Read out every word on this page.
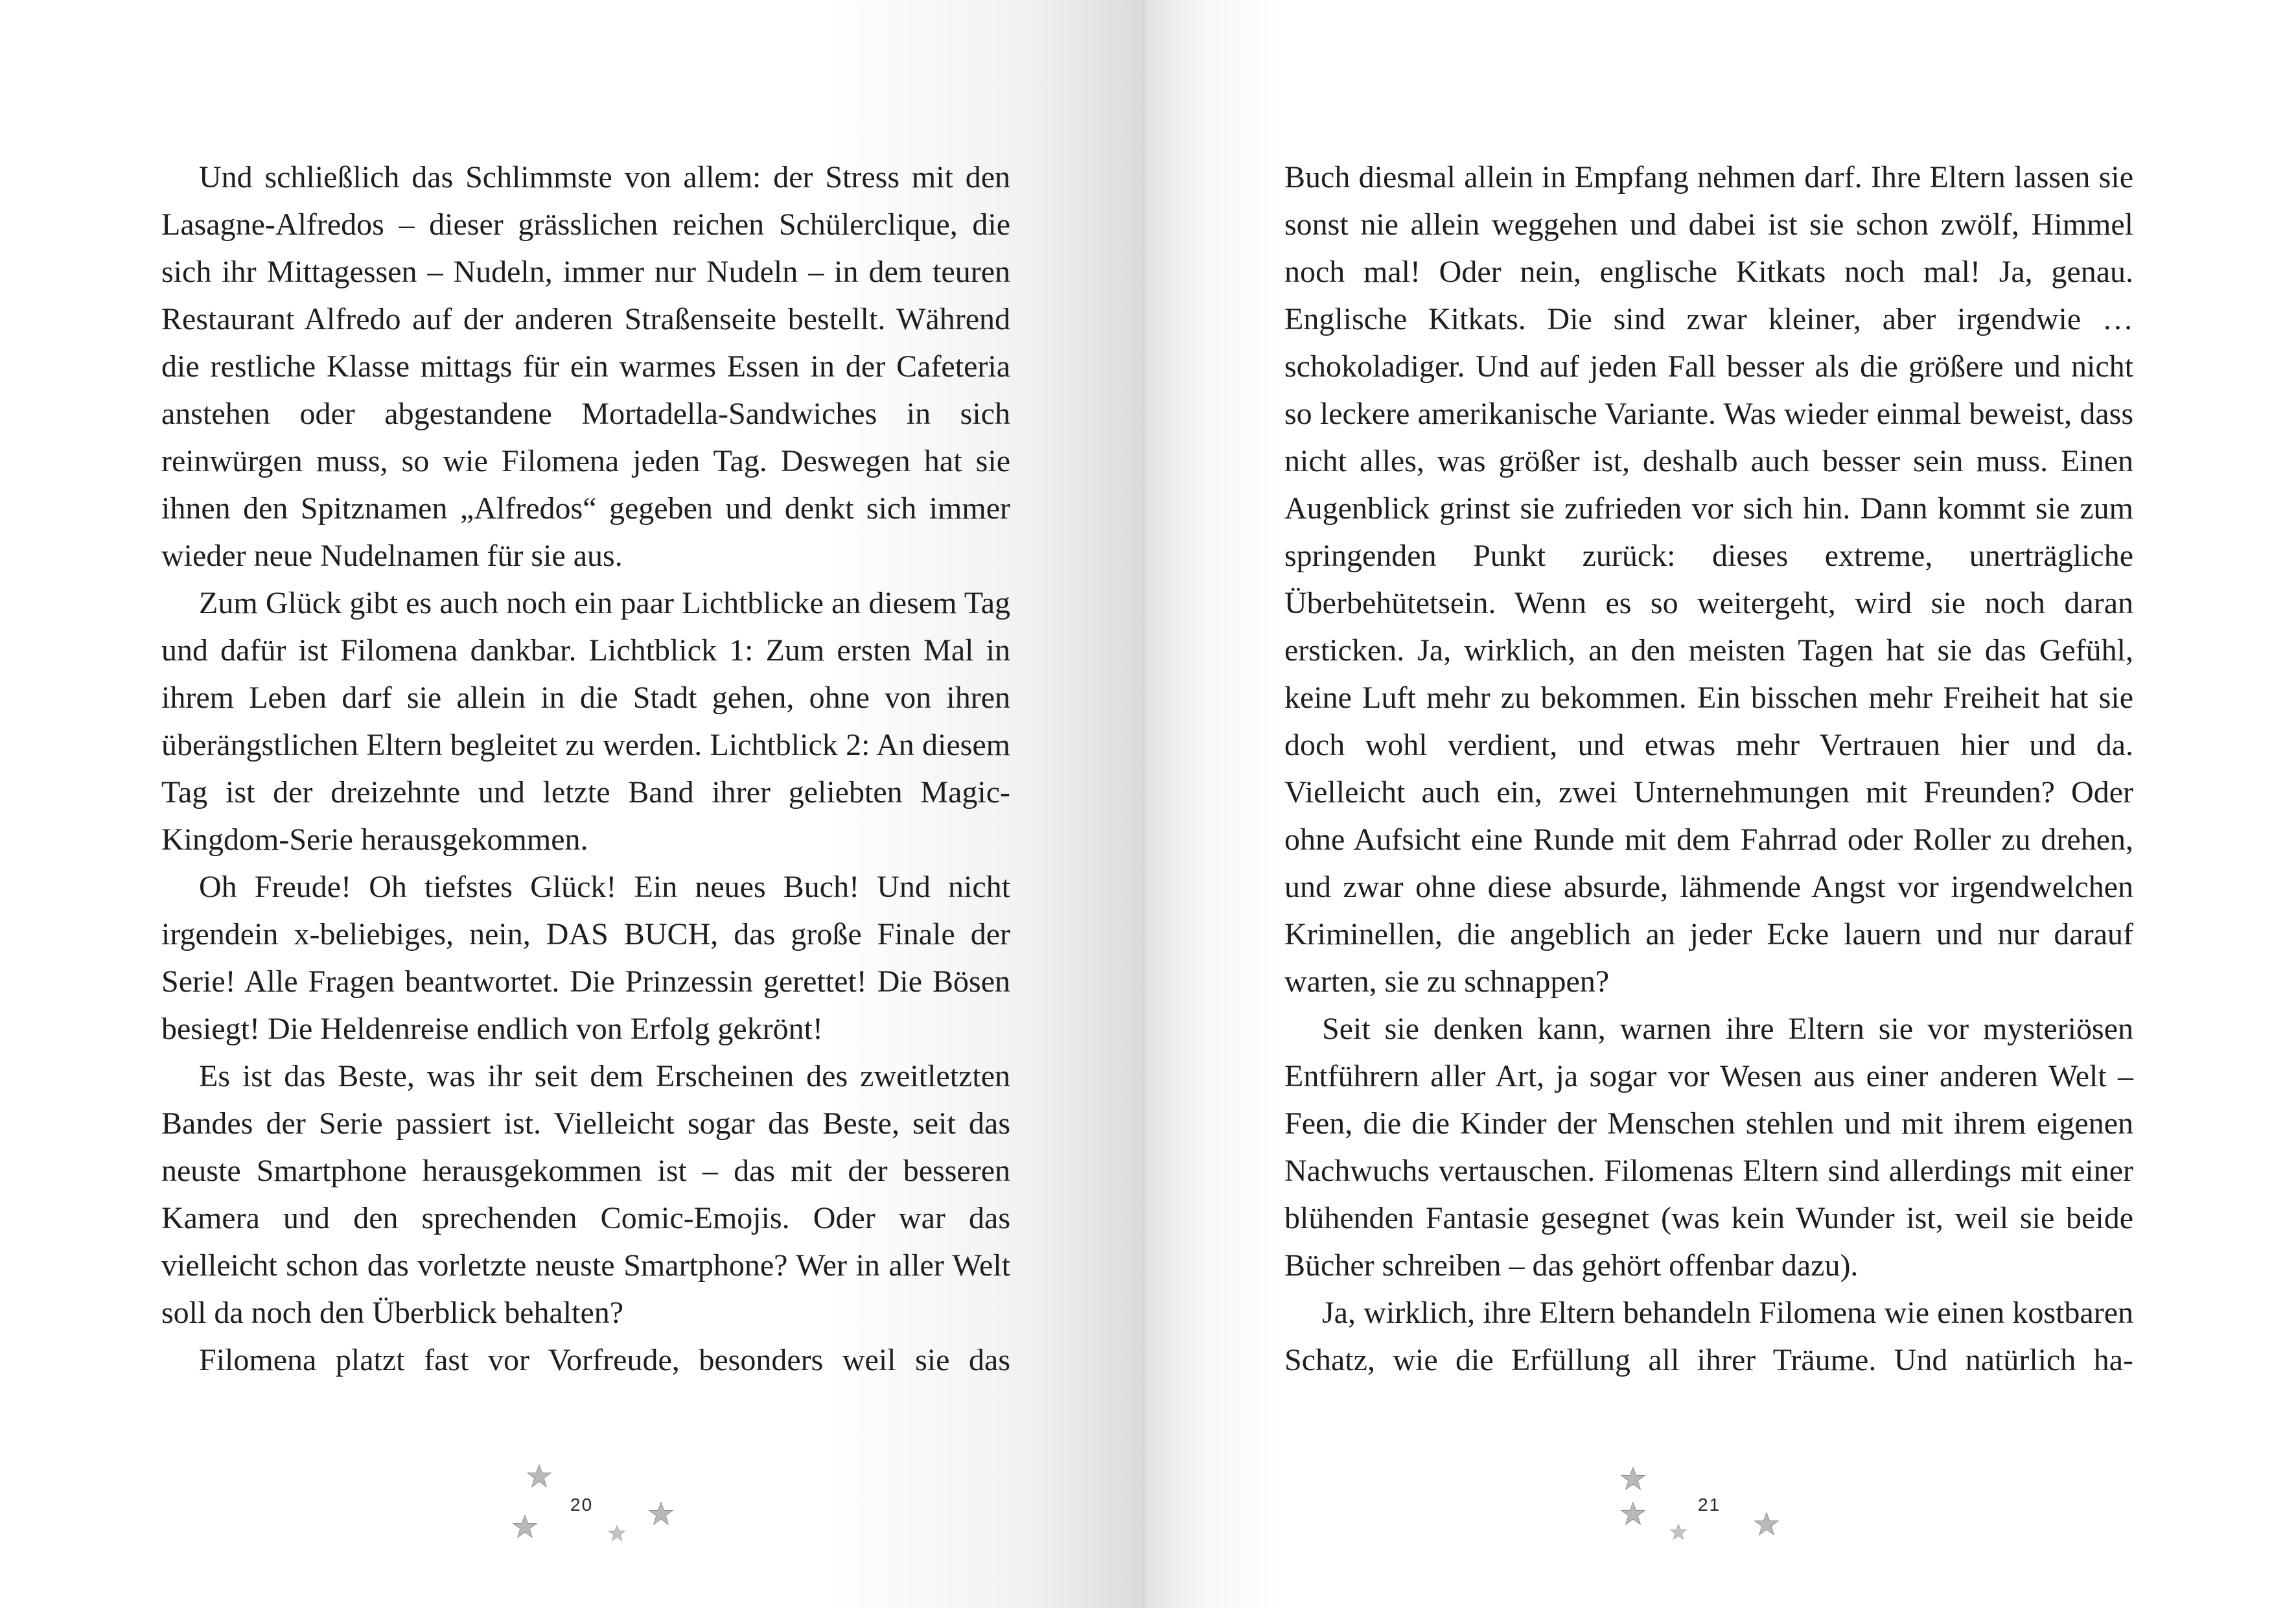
Und schließlich das Schlimmste von allem: der Stress mit den Lasagne-Alfredos – dieser grässlichen reichen Schülerclique, die sich ihr Mittagessen – Nudeln, immer nur Nudeln – in dem teuren Restaurant Alfredo auf der anderen Straßenseite bestellt. Während die restliche Klasse mittags für ein warmes Essen in der Cafeteria anstehen oder abgestandene Mortadella-Sandwiches in sich reinwürgen muss, so wie Filomena jeden Tag. Deswegen hat sie ihnen den Spitznamen „Alfredos“ gegeben und denkt sich immer wieder neue Nudelnamen für sie aus.

Zum Glück gibt es auch noch ein paar Lichtblicke an diesem Tag und dafür ist Filomena dankbar. Lichtblick 1: Zum ersten Mal in ihrem Leben darf sie allein in die Stadt gehen, ohne von ihren überängstlichen Eltern begleitet zu werden. Lichtblick 2: An diesem Tag ist der dreizehnte und letzte Band ihrer geliebten Magic-Kingdom-Serie herausgekommen.

Oh Freude! Oh tiefstes Glück! Ein neues Buch! Und nicht irgendein x-beliebiges, nein, DAS BUCH, das große Finale der Serie! Alle Fragen beantwortet. Die Prinzessin gerettet! Die Bösen besiegt! Die Heldenreise endlich von Erfolg gekrönt!

Es ist das Beste, was ihr seit dem Erscheinen des zweitletzten Bandes der Serie passiert ist. Vielleicht sogar das Beste, seit das neuste Smartphone herausgekommen ist – das mit der besseren Kamera und den sprechenden Comic-Emojis. Oder war das vielleicht schon das vorletzte neuste Smartphone? Wer in aller Welt soll da noch den Überblick behalten?

Filomena platzt fast vor Vorfreude, besonders weil sie das

20

Buch diesmal allein in Empfang nehmen darf. Ihre Eltern lassen sie sonst nie allein weggehen und dabei ist sie schon zwölf, Himmel noch mal! Oder nein, englische Kitkats noch mal! Ja, genau. Englische Kitkats. Die sind zwar kleiner, aber irgendwie … schokoladiger. Und auf jeden Fall besser als die größere und nicht so leckere amerikanische Variante. Was wieder einmal beweist, dass nicht alles, was größer ist, deshalb auch besser sein muss. Einen Augenblick grinst sie zufrieden vor sich hin. Dann kommt sie zum springenden Punkt zurück: dieses extreme, unerträgliche Überbehütetsein. Wenn es so weitergeht, wird sie noch daran ersticken. Ja, wirklich, an den meisten Tagen hat sie das Gefühl, keine Luft mehr zu bekommen. Ein bisschen mehr Freiheit hat sie doch wohl verdient, und etwas mehr Vertrauen hier und da. Vielleicht auch ein, zwei Unternehmungen mit Freunden? Oder ohne Aufsicht eine Runde mit dem Fahrrad oder Roller zu drehen, und zwar ohne diese absurde, lähmende Angst vor irgendwelchen Kriminellen, die angeblich an jeder Ecke lauern und nur darauf warten, sie zu schnappen?

Seit sie denken kann, warnen ihre Eltern sie vor mysteriösen Entführern aller Art, ja sogar vor Wesen aus einer anderen Welt – Feen, die die Kinder der Menschen stehlen und mit ihrem eigenen Nachwuchs vertauschen. Filomenas Eltern sind allerdings mit einer blühenden Fantasie gesegnet (was kein Wunder ist, weil sie beide Bücher schreiben – das gehört offenbar dazu).

Ja, wirklich, ihre Eltern behandeln Filomena wie einen kostbaren Schatz, wie die Erfüllung all ihrer Träume. Und natürlich ha-

21
